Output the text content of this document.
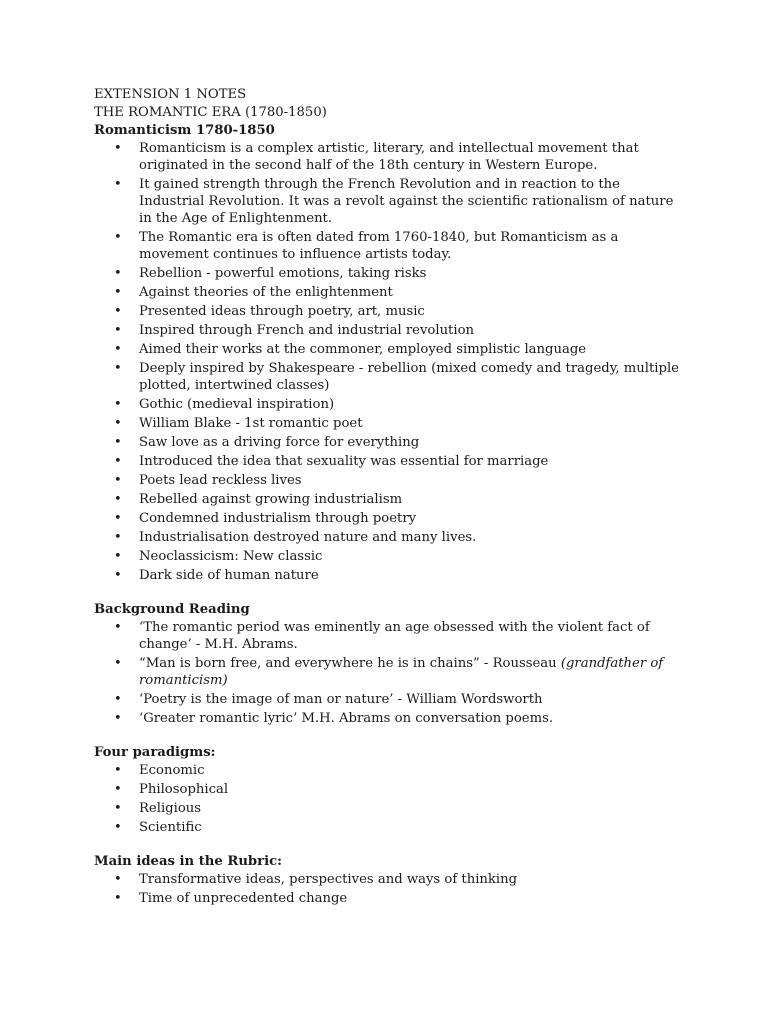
EXTENSION 1 NOTES

THE ROMANTIC ERA (1780-1850)

Romanticism 1780-1850

• Romanticism is a complex artistic, literary, and intellectual movement that originated in the second half of the 18th century in Western Europe.
• It gained strength through the French Revolution and in reaction to the Industrial Revolution. It was a revolt against the scientific rationalism of nature in the Age of Enlightenment.
• The Romantic era is often dated from 1760-1840, but Romanticism as a movement continues to influence artists today.
• Rebellion - powerful emotions, taking risks
• Against theories of the enlightenment
• Presented ideas through poetry, art, music
• Inspired through French and industrial revolution
• Aimed their works at the commoner, employed simplistic language
• Deeply inspired by Shakespeare - rebellion (mixed comedy and tragedy, multiple plotted, intertwined classes)
• Gothic (medieval inspiration)
• William Blake - 1st romantic poet
• Saw love as a driving force for everything
• Introduced the idea that sexuality was essential for marriage
• Poets lead reckless lives
• Rebelled against growing industrialism
• Condemned industrialism through poetry
• Industrialisation destroyed nature and many lives.
• Neoclassicism: New classic
• Dark side of human nature

Background Reading

• ‘The romantic period was eminently an age obsessed with the violent fact of change’ - M.H. Abrams.
• “Man is born free, and everywhere he is in chains” - Rousseau (grandfather of romanticism)
• ‘Poetry is the image of man or nature’ - William Wordsworth
• ‘Greater romantic lyric’ M.H. Abrams on conversation poems.

Four paradigms:

• Economic
• Philosophical
• Religious
• Scientific

Main ideas in the Rubric:

• Transformative ideas, perspectives and ways of thinking
• Time of unprecedented change
